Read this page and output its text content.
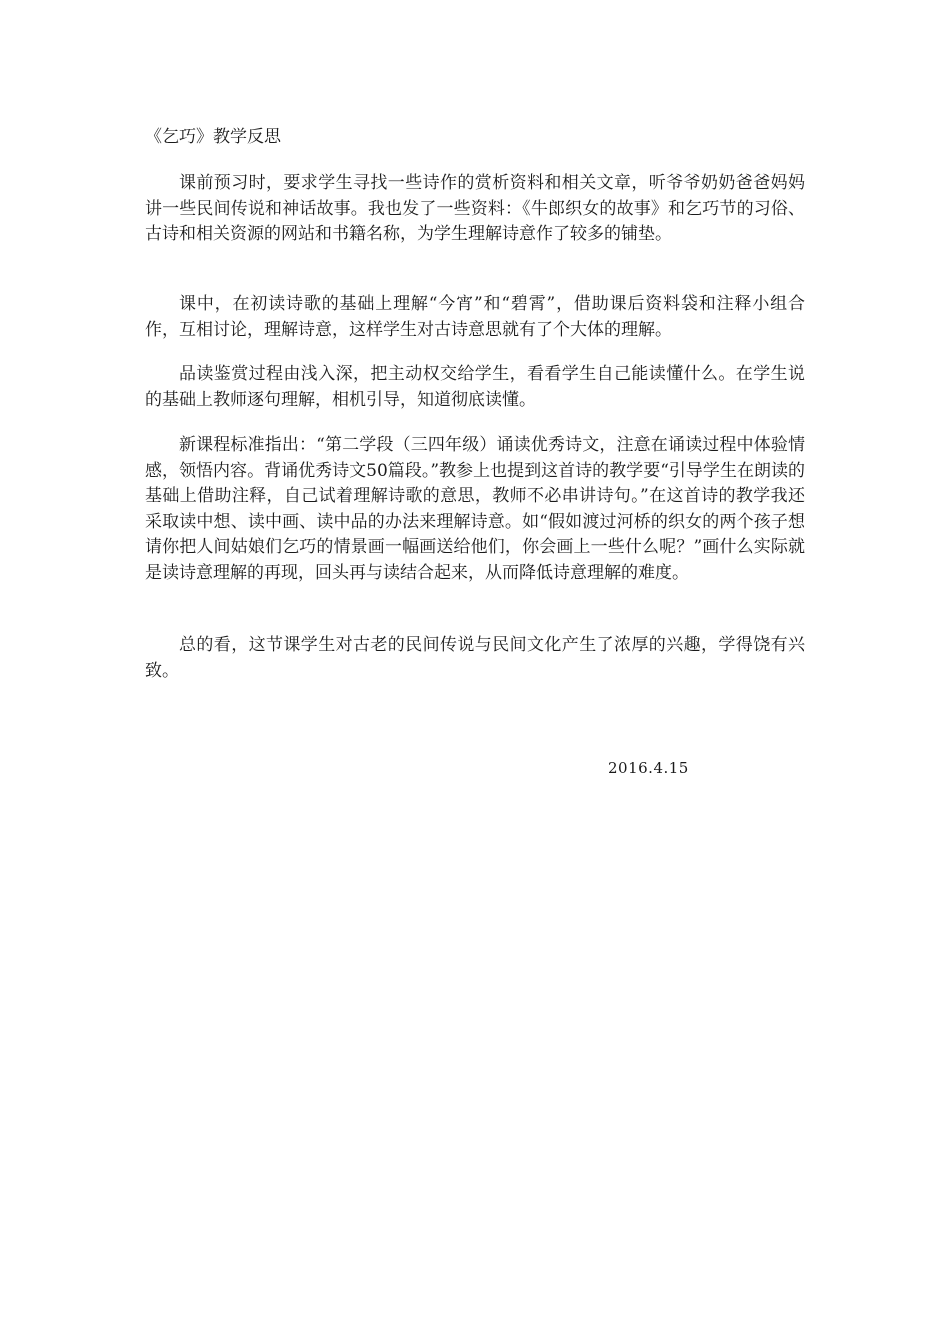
《乞巧》教学反思

课前预习时，要求学生寻找一些诗作的赏析资料和相关文章，听爷爷奶奶爸爸妈妈讲一些民间传说和神话故事。我也发了一些资料：《牛郎织女的故事》和乞巧节的习俗、古诗和相关资源的网站和书籍名称，为学生理解诗意作了较多的铺垫。

课中，在初读诗歌的基础上理解“今宵”和“碧霄”，借助课后资料袋和注释小组合作，互相讨论，理解诗意，这样学生对古诗意思就有了个大体的理解。

品读鉴赏过程由浅入深，把主动权交给学生，看看学生自己能读懂什么。在学生说的基础上教师逐句理解，相机引导，知道彻底读懂。

新课程标准指出：“第二学段（三四年级）诵读优秀诗文，注意在诵读过程中体验情感，领悟内容。背诵优秀诗文50篇段。”教参上也提到这首诗的教学要“引导学生在朗读的基础上借助注释，自己试着理解诗歌的意思，教师不必串讲诗句。”在这首诗的教学我还采取读中想、读中画、读中品的办法来理解诗意。如“假如渡过河桥的织女的两个孩子想请你把人间姑娘们乞巧的情景画一幅画送给他们，你会画上一些什么呢？”画什么实际就是读诗意理解的再现，回头再与读结合起来，从而降低诗意理解的难度。

总的看，这节课学生对古老的民间传说与民间文化产生了浓厚的兴趣，学得饶有兴致。

2016.4.15
